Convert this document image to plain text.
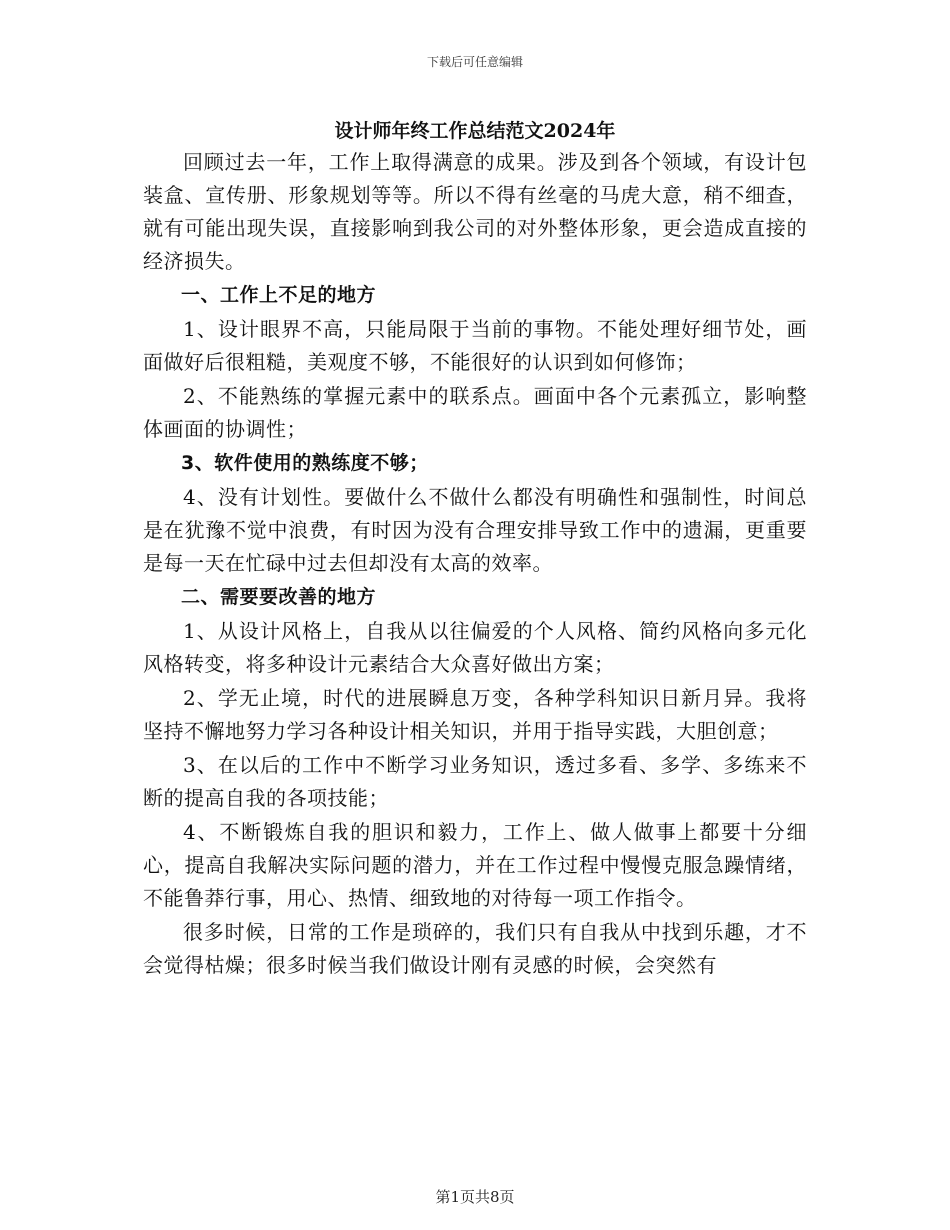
下载后可任意编辑
设计师年终工作总结范文2024年

回顾过去一年，工作上取得满意的成果。涉及到各个领域，有设计包装盒、宣传册、形象规划等等。所以不得有丝毫的马虎大意，稍不细查，就有可能出现失误，直接影响到我公司的对外整体形象，更会造成直接的经济损失。

一、工作上不足的地方

1、设计眼界不高，只能局限于当前的事物。不能处理好细节处，画面做好后很粗糙，美观度不够，不能很好的认识到如何修饰；

2、不能熟练的掌握元素中的联系点。画面中各个元素孤立，影响整体画面的协调性；

3、软件使用的熟练度不够；

4、没有计划性。要做什么不做什么都没有明确性和强制性，时间总是在犹豫不觉中浪费，有时因为没有合理安排导致工作中的遗漏，更重要是每一天在忙碌中过去但却没有太高的效率。

二、需要要改善的地方

1、从设计风格上，自我从以往偏爱的个人风格、简约风格向多元化风格转变，将多种设计元素结合大众喜好做出方案；

2、学无止境，时代的进展瞬息万变，各种学科知识日新月异。我将坚持不懈地努力学习各种设计相关知识，并用于指导实践，大胆创意；

3、在以后的工作中不断学习业务知识，透过多看、多学、多练来不断的提高自我的各项技能；

4、不断锻炼自我的胆识和毅力，工作上、做人做事上都要十分细心，提高自我解决实际问题的潜力，并在工作过程中慢慢克服急躁情绪，不能鲁莽行事，用心、热情、细致地的对待每一项工作指令。

很多时候，日常的工作是琐碎的，我们只有自我从中找到乐趣，才不会觉得枯燥；很多时候当我们做设计刚有灵感的时候，会突然有

第1页共8页
